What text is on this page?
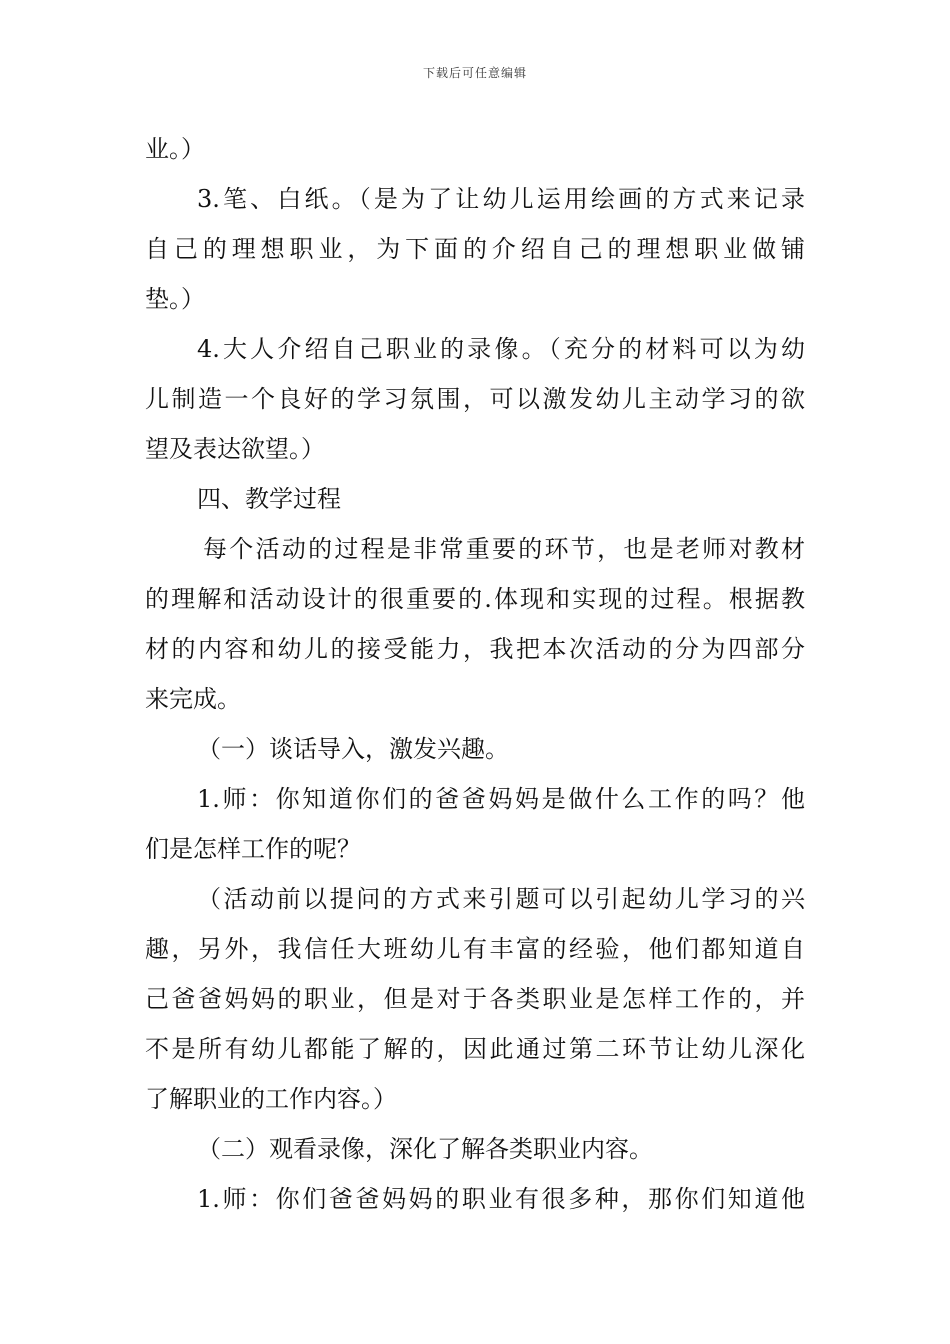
下载后可任意编辑
业。）
3.笔、白纸。（是为了让幼儿运用绘画的方式来记录
自己的理想职业，为下面的介绍自己的理想职业做铺
垫。）
4.大人介绍自己职业的录像。（充分的材料可以为幼
儿制造一个良好的学习氛围，可以激发幼儿主动学习的欲
望及表达欲望。）
四、教学过程
每个活动的过程是非常重要的环节，也是老师对教材
的理解和活动设计的很重要的.体现和实现的过程。根据教
材的内容和幼儿的接受能力，我把本次活动的分为四部分
来完成。
（一）谈话导入，激发兴趣。
1.师：你知道你们的爸爸妈妈是做什么工作的吗？他
们是怎样工作的呢？
（活动前以提问的方式来引题可以引起幼儿学习的兴
趣，另外，我信任大班幼儿有丰富的经验，他们都知道自
己爸爸妈妈的职业，但是对于各类职业是怎样工作的，并
不是所有幼儿都能了解的，因此通过第二环节让幼儿深化
了解职业的工作内容。）
（二）观看录像，深化了解各类职业内容。
1.师：你们爸爸妈妈的职业有很多种，那你们知道他
